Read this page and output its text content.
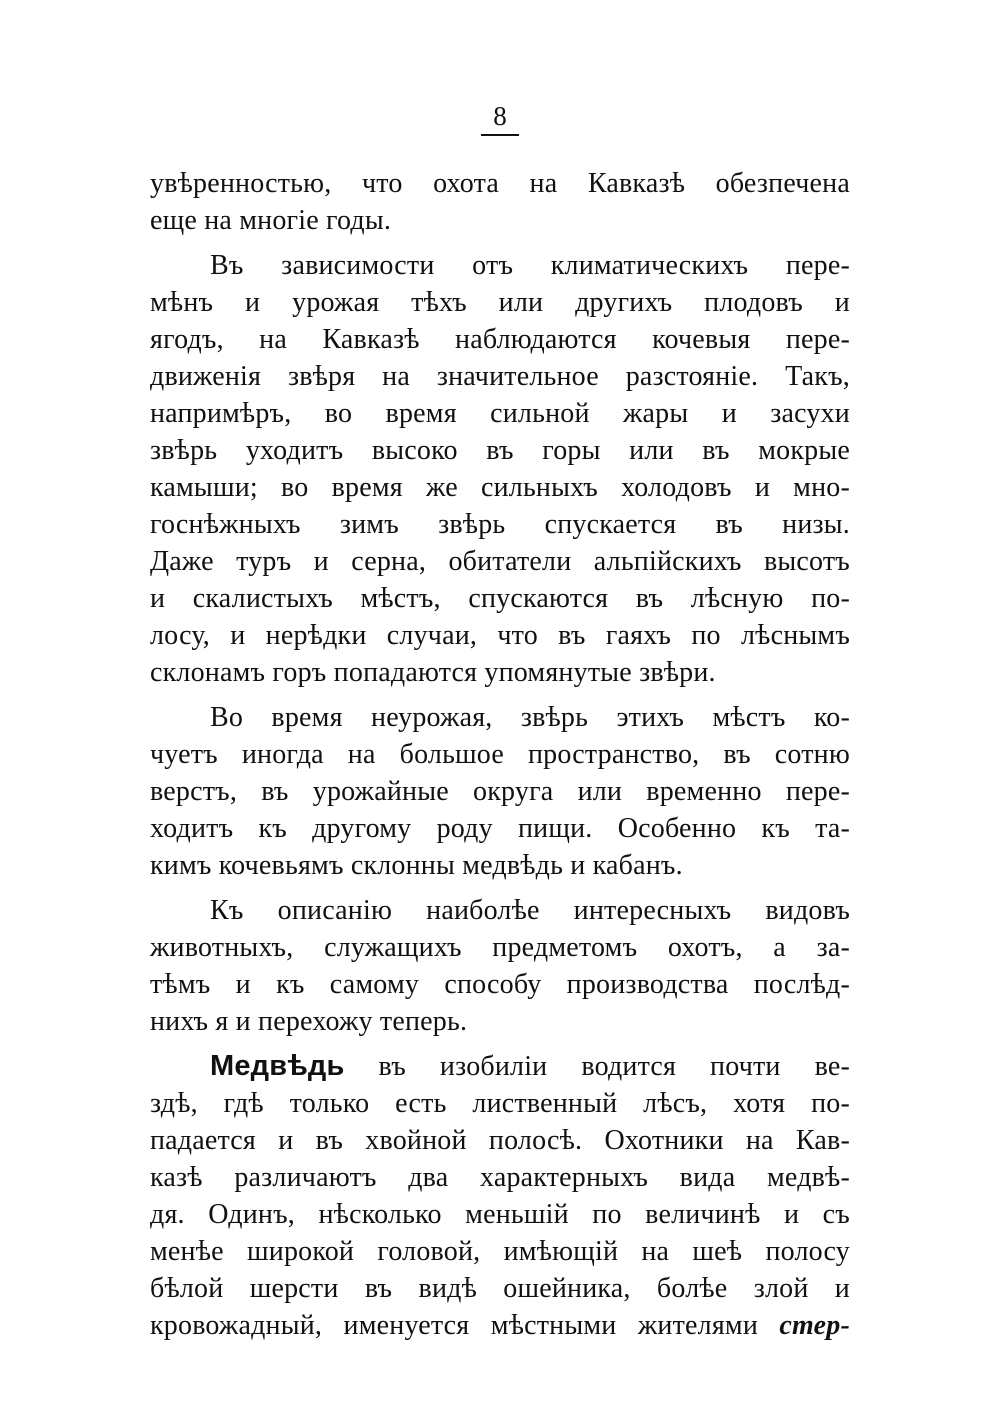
8
увѣренностью, что охота на Кавказѣ обезпечена
еще на многіе годы.
Въ зависимости отъ климатическихъ пере-
мѣнъ и урожая тѣхъ или другихъ плодовъ и
ягодъ, на Кавказѣ наблюдаются кочевыя пере-
движенія звѣря на значительное разстояніе. Такъ,
напримѣръ, во время сильной жары и засухи
звѣрь уходитъ высоко въ горы или въ мокрые
камыши; во время же сильныхъ холодовъ и мно-
госнѣжныхъ зимъ звѣрь спускается въ низы.
Даже туръ и серна, обитатели альпійскихъ высотъ
и скалистыхъ мѣстъ, спускаются въ лѣсную по-
лосу, и нерѣдки случаи, что въ гаяхъ по лѣснымъ
склонамъ горъ попадаются упомянутые звѣри.
Во время неурожая, звѣрь этихъ мѣстъ ко-
чуетъ иногда на большое пространство, въ сотню
верстъ, въ урожайные округа или временно пере-
ходитъ къ другому роду пищи. Особенно къ та-
кимъ кочевьямъ склонны медвѣдь и кабанъ.
Къ описанію наиболѣе интересныхъ видовъ
животныхъ, служащихъ предметомъ охотъ, а за-
тѣмъ и къ самому способу производства послѣд-
нихъ я и перехожу теперь.
Медвѣдь въ изобиліи водится почти ве-
здѣ, гдѣ только есть лиственный лѣсъ, хотя по-
падается и въ хвойной полосѣ. Охотники на Кав-
казѣ различаютъ два характерныхъ вида медвѣ-
дя. Одинъ, нѣсколько меньшій по величинѣ и съ
менѣе широкой головой, имѣющій на шеѣ полосу
бѣлой шерсти въ видѣ ошейника, болѣе злой и
кровожадный, именуется мѣстными жителями стер-
